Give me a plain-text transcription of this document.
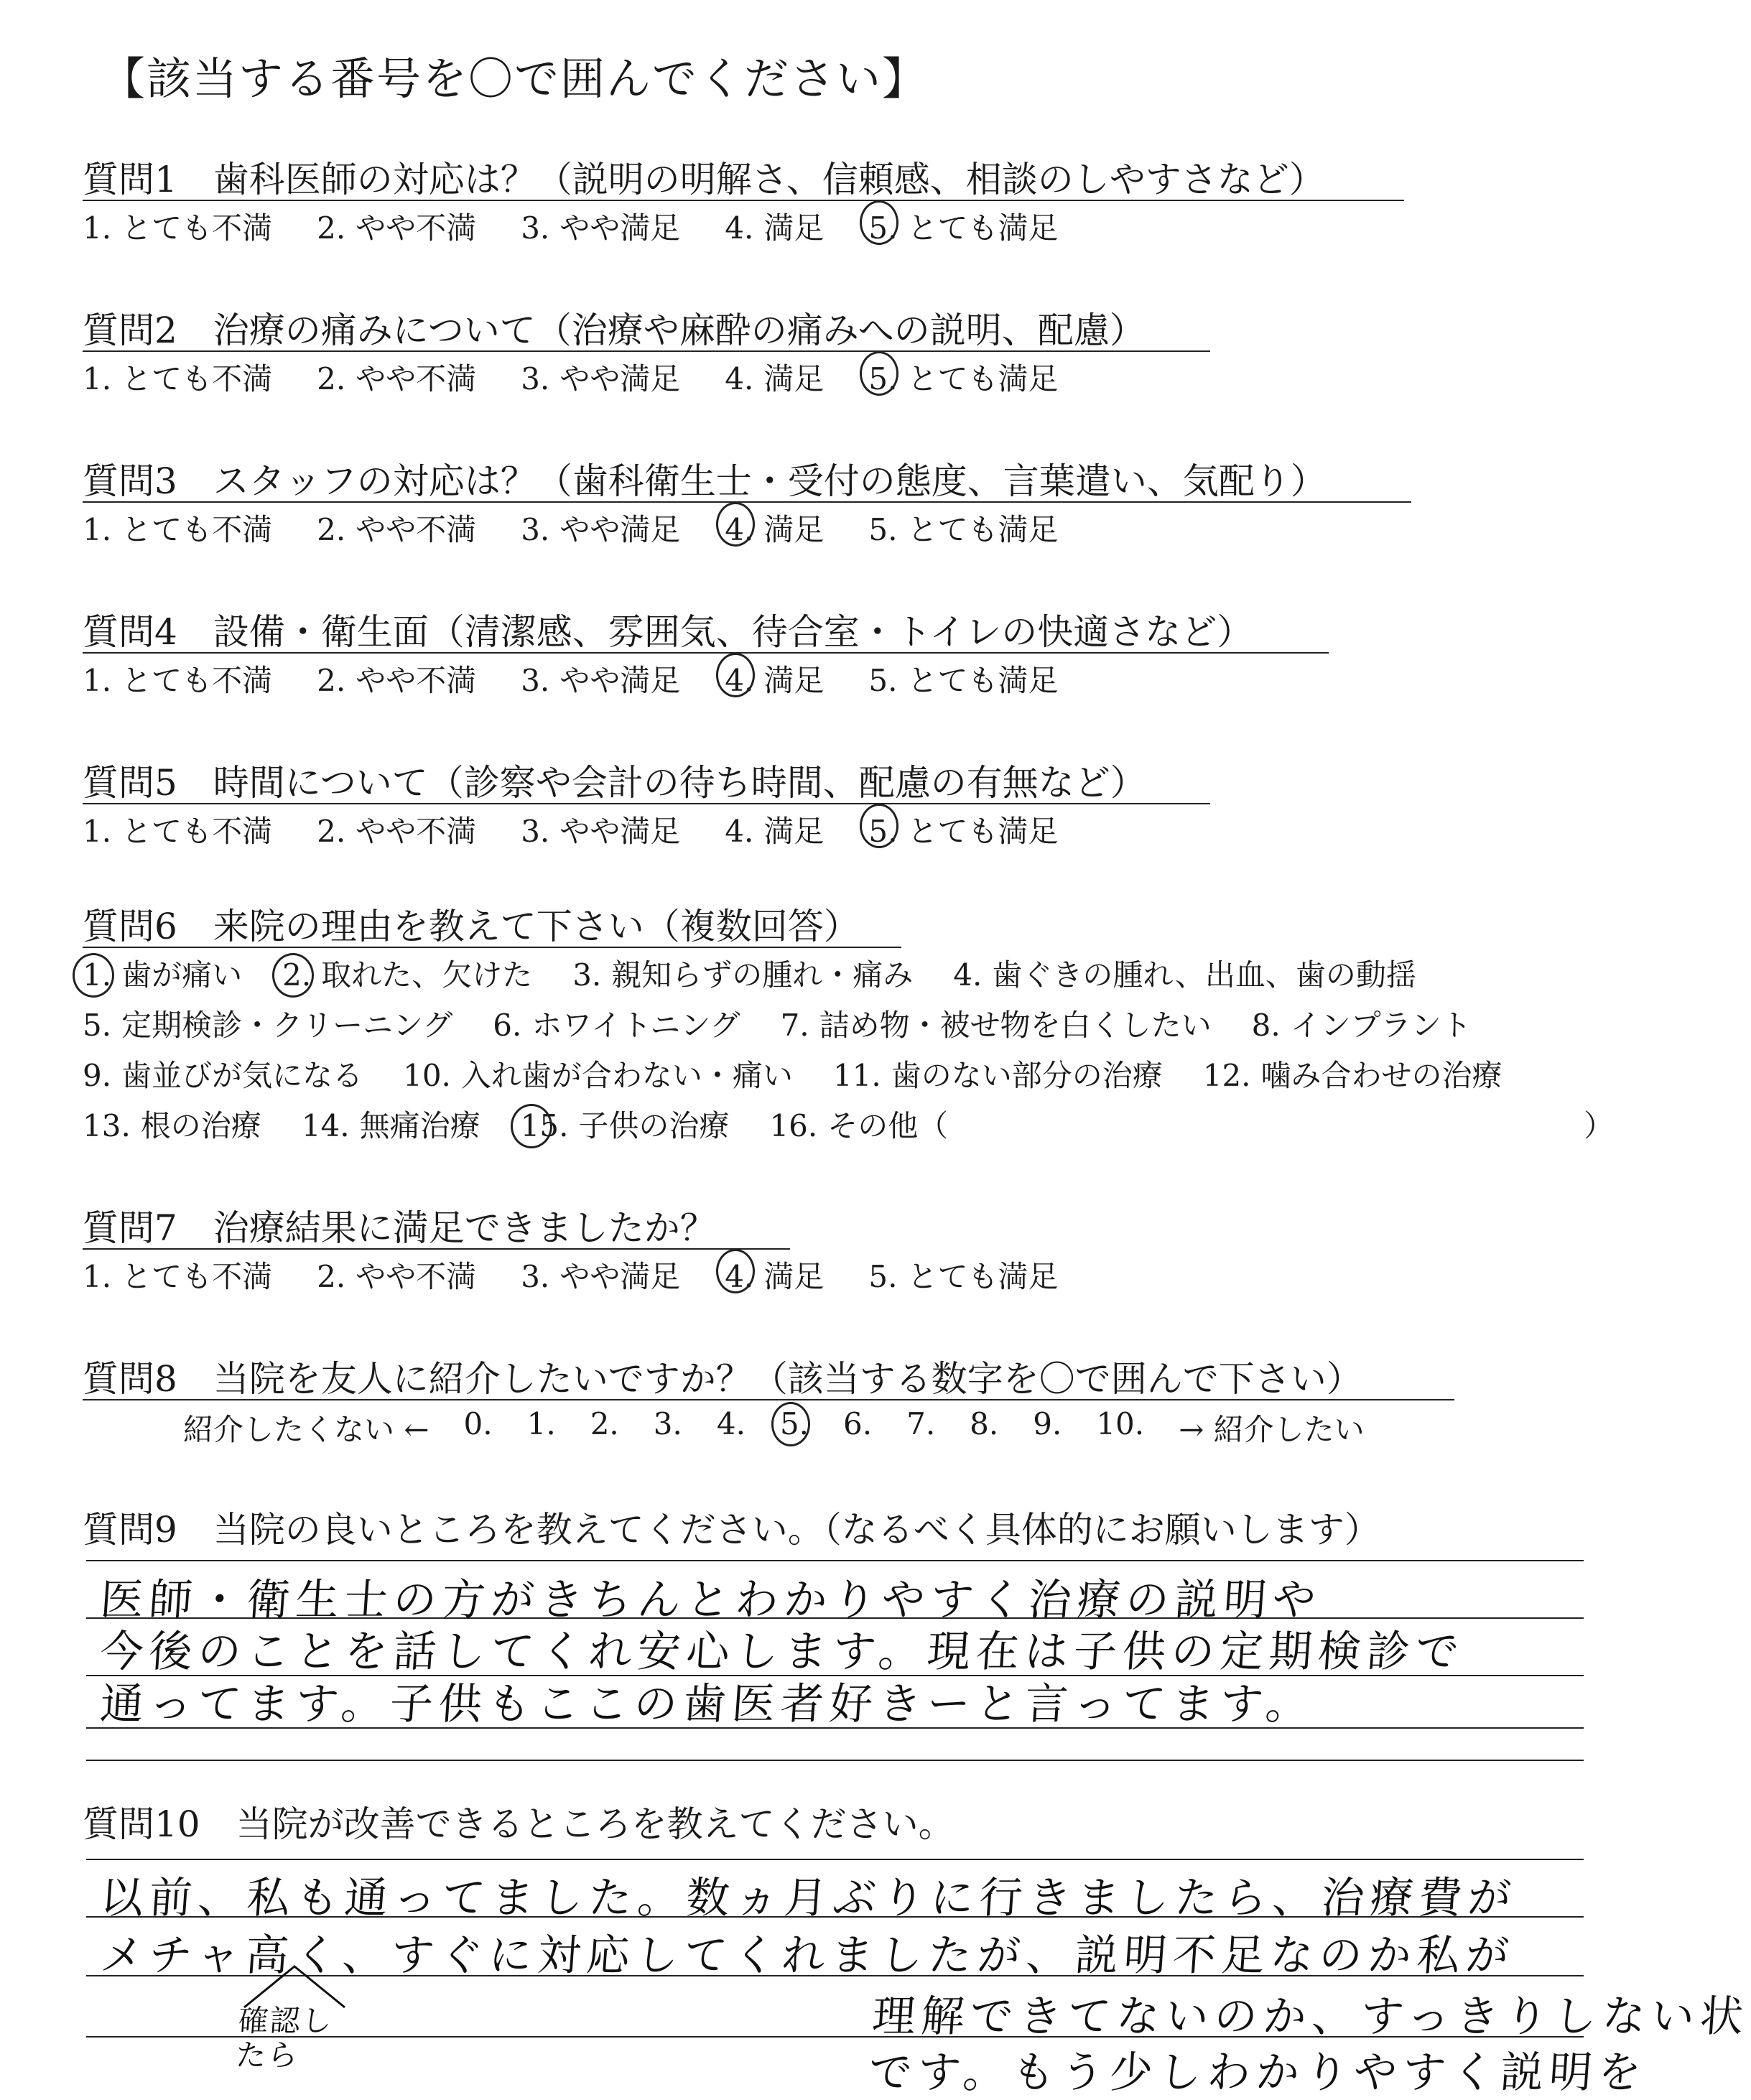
【該当する番号を〇で囲んでください】
質問1　歯科医師の対応は？（説明の明解さ、信頼感、相談のしやすさなど）
1. とても不満 2. やや不満 3. やや満足 4. 満足 5. とても満足
質問2　治療の痛みについて（治療や麻酔の痛みへの説明、配慮）
1. とても不満 2. やや不満 3. やや満足 4. 満足 5. とても満足
質問3　スタッフの対応は？（歯科衛生士・受付の態度、言葉遣い、気配り）
1. とても不満 2. やや不満 3. やや満足 4. 満足 5. とても満足
質問4　設備・衛生面（清潔感、雰囲気、待合室・トイレの快適さなど）
1. とても不満 2. やや不満 3. やや満足 4. 満足 5. とても満足
質問5　時間について（診察や会計の待ち時間、配慮の有無など）
1. とても不満 2. やや不満 3. やや満足 4. 満足 5. とても満足
質問6　来院の理由を教えて下さい（複数回答）
1. 歯が痛い 2. 取れた、欠けた 3. 親知らずの腫れ・痛み 4. 歯ぐきの腫れ、出血、歯の動揺
5. 定期検診・クリーニング 6. ホワイトニング 7. 詰め物・被せ物を白くしたい 8. インプラント
9. 歯並びが気になる 10. 入れ歯が合わない・痛い 11. 歯のない部分の治療 12. 噛み合わせの治療
13. 根の治療 14. 無痛治療 15. 子供の治療 16. その他（	）
質問7　治療結果に満足できましたか？
1. とても不満 2. やや不満 3. やや満足 4. 満足 5. とても満足
質問8　当院を友人に紹介したいですか？（該当する数字を〇で囲んで下さい）
紹介したくない ← 0. 1. 2. 3. 4. 5. 6. 7. 8. 9. 10. → 紹介したい
質問9　当院の良いところを教えてください。（なるべく具体的にお願いします）
医師・衛生士の方がきちんとわかりやすく治療の説明や
今後のことを話してくれ安心します。現在は子供の定期検診で
通ってます。子供もここの歯医者好きーと言ってます。
質問10　当院が改善できるところを教えてください。
以前、私も通ってました。数ヵ月ぶりに行きましたら、治療費が
メチャ高く、すぐに対応してくれましたが、説明不足なのか私が
理解できてないのか、すっきりしない状
です。もう少しわかりやすく説明を
確認したら
